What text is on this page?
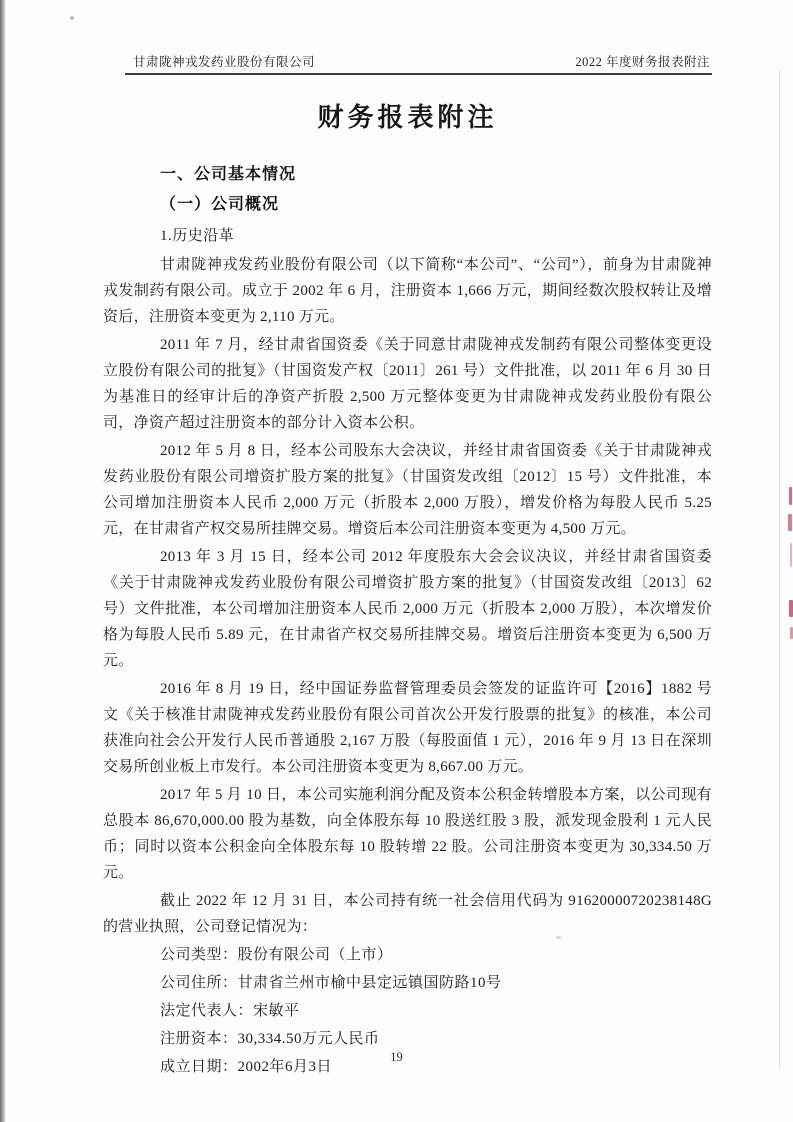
甘肃陇神戎发药业股份有限公司	2022 年度财务报表附注
财务报表附注

一、公司基本情况

（一）公司概况

1.历史沿革

甘肃陇神戎发药业股份有限公司（以下简称“本公司”、“公司”），前身为甘肃陇神戎发制药有限公司。成立于 2002 年 6 月，注册资本 1,666 万元，期间经数次股权转让及增资后，注册资本变更为 2,110 万元。

2011 年 7 月，经甘肃省国资委《关于同意甘肃陇神戎发制药有限公司整体变更设立股份有限公司的批复》（甘国资发产权〔2011〕261 号）文件批准，以 2011 年 6 月 30 日为基准日的经审计后的净资产折股 2,500 万元整体变更为甘肃陇神戎发药业股份有限公司，净资产超过注册资本的部分计入资本公积。

2012 年 5 月 8 日，经本公司股东大会决议，并经甘肃省国资委《关于甘肃陇神戎发药业股份有限公司增资扩股方案的批复》（甘国资发改组〔2012〕15 号）文件批准，本公司增加注册资本人民币 2,000 万元（折股本 2,000 万股），增发价格为每股人民币 5.25 元，在甘肃省产权交易所挂牌交易。增资后本公司注册资本变更为 4,500 万元。

2013 年 3 月 15 日，经本公司 2012 年度股东大会会议决议，并经甘肃省国资委《关于甘肃陇神戎发药业股份有限公司增资扩股方案的批复》（甘国资发改组〔2013〕62 号）文件批准，本公司增加注册资本人民币 2,000 万元（折股本 2,000 万股），本次增发价格为每股人民币 5.89 元，在甘肃省产权交易所挂牌交易。增资后注册资本变更为 6,500 万元。

2016 年 8 月 19 日，经中国证券监督管理委员会签发的证监许可【2016】1882 号文《关于核准甘肃陇神戎发药业股份有限公司首次公开发行股票的批复》的核准，本公司获准向社会公开发行人民币普通股 2,167 万股（每股面值 1 元），2016 年 9 月 13 日在深圳交易所创业板上市发行。本公司注册资本变更为 8,667.00 万元。

2017 年 5 月 10 日，本公司实施利润分配及资本公积金转增股本方案，以公司现有总股本 86,670,000.00 股为基数，向全体股东每 10 股送红股 3 股，派发现金股利 1 元人民币；同时以资本公积金向全体股东每 10 股转增 22 股。公司注册资本变更为 30,334.50 万元。

截止 2022 年 12 月 31 日，本公司持有统一社会信用代码为 91620000720238148G 的营业执照，公司登记情况为：

公司类型：股份有限公司（上市）

公司住所：甘肃省兰州市榆中县定远镇国防路10号

法定代表人：宋敏平

注册资本：30,334.50万元人民币

成立日期：2002年6月3日

19
